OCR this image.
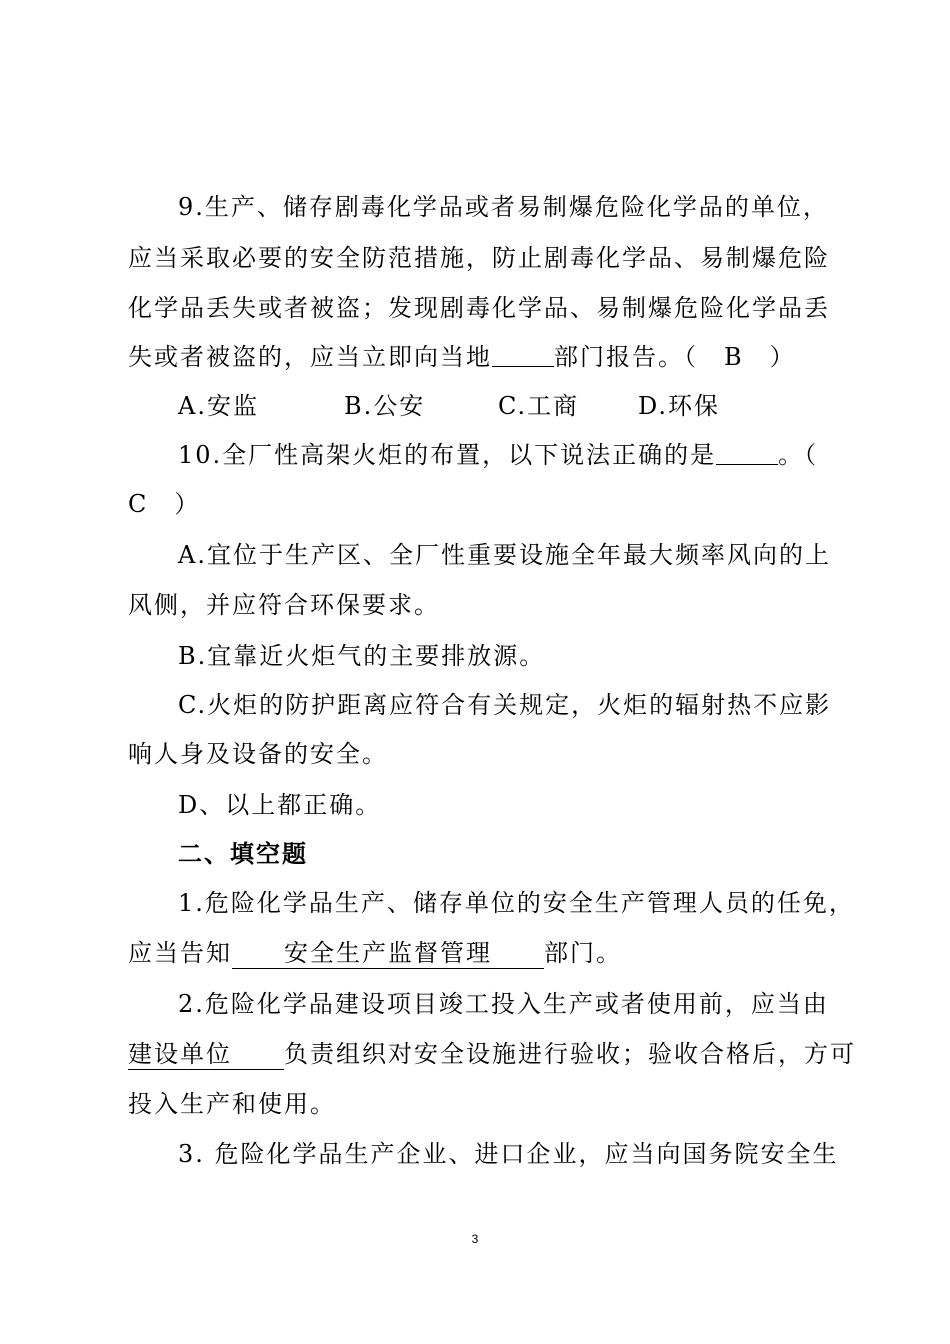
9.生产、储存剧毒化学品或者易制爆危险化学品的单位，
应当采取必要的安全防范措施，防止剧毒化学品、易制爆危险
化学品丢失或者被盗；发现剧毒化学品、易制爆危险化学品丢
失或者被盗的，应当立即向当地	部门报告。（　B　）
A.安监	B.公安	C.工商 D.环保
10.全厂性高架火炬的布置，以下说法正确的是	。（
C　）
A.宜位于生产区、全厂性重要设施全年最大频率风向的上
风侧，并应符合环保要求。
B.宜靠近火炬气的主要排放源。
C.火炬的防护距离应符合有关规定，火炬的辐射热不应影
响人身及设备的安全。
D、以上都正确。
二、填空题
1.危险化学品生产、储存单位的安全生产管理人员的任免，
应当告知　　安全生产监督管理　　部门。
2.危险化学品建设项目竣工投入生产或者使用前，应当由
建设单位　　负责组织对安全设施进行验收；验收合格后，方可
投入生产和使用。
3. 危险化学品生产企业、进口企业，应当向国务院安全生
3
